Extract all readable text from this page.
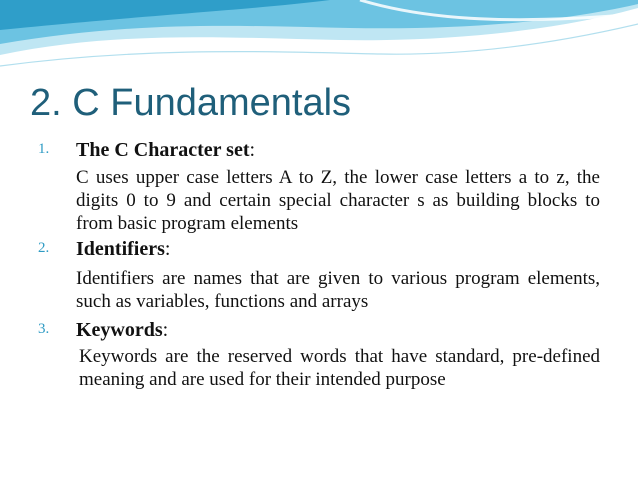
2. C Fundamentals
1. The C Character set:
C uses upper case letters A to Z, the lower case letters a to z, the digits 0 to 9 and certain special character s as building blocks to from basic program elements
2. Identifiers:
Identifiers are names that are given to various program elements, such as variables, functions and arrays
3. Keywords:
Keywords are the reserved words that have standard, pre-defined meaning and are used for their intended purpose
